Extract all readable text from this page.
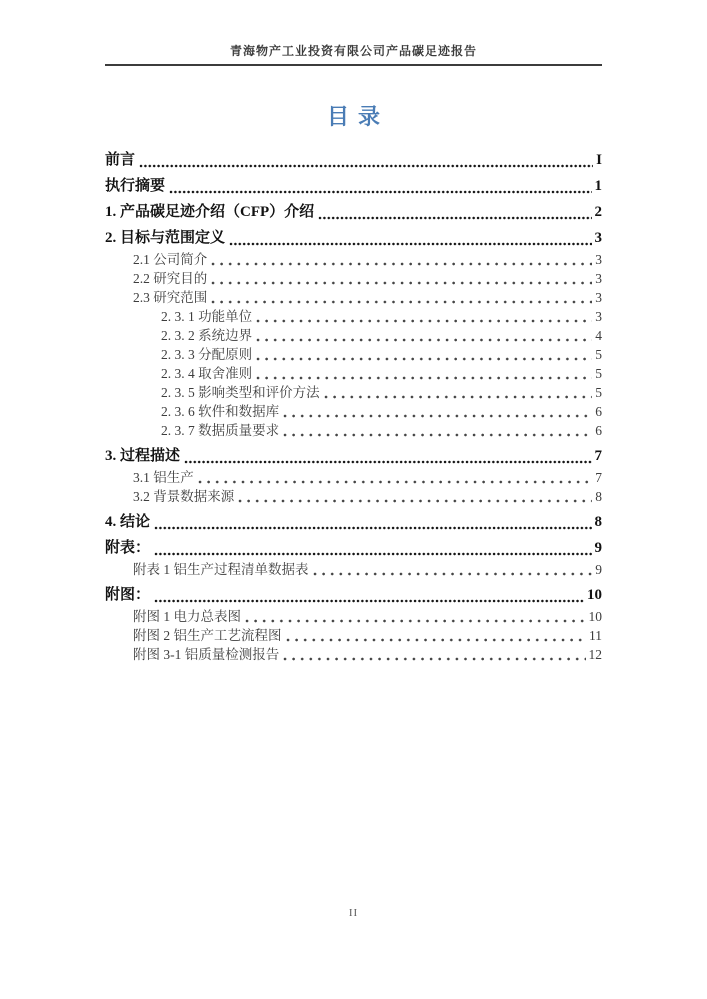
青海物产工业投资有限公司产品碳足迹报告
目录
前言	I
执行摘要	1
1. 产品碳足迹介绍（CFP）介绍	2
2. 目标与范围定义	3
2.1 公司简介	3
2.2 研究目的	3
2.3 研究范围	3
2. 3. 1 功能单位	3
2. 3. 2 系统边界	4
2. 3. 3 分配原则	5
2. 3. 4 取舍准则	5
2. 3. 5 影响类型和评价方法	5
2. 3. 6 软件和数据库	6
2. 3. 7 数据质量要求	6
3. 过程描述	7
3.1 铝生产	7
3.2 背景数据来源	8
4. 结论	8
附表：	9
附表 1 铝生产过程清单数据表	9
附图：	10
附图 1 电力总表图	10
附图 2 铝生产工艺流程图	11
附图 3-1 铝质量检测报告	12
II
